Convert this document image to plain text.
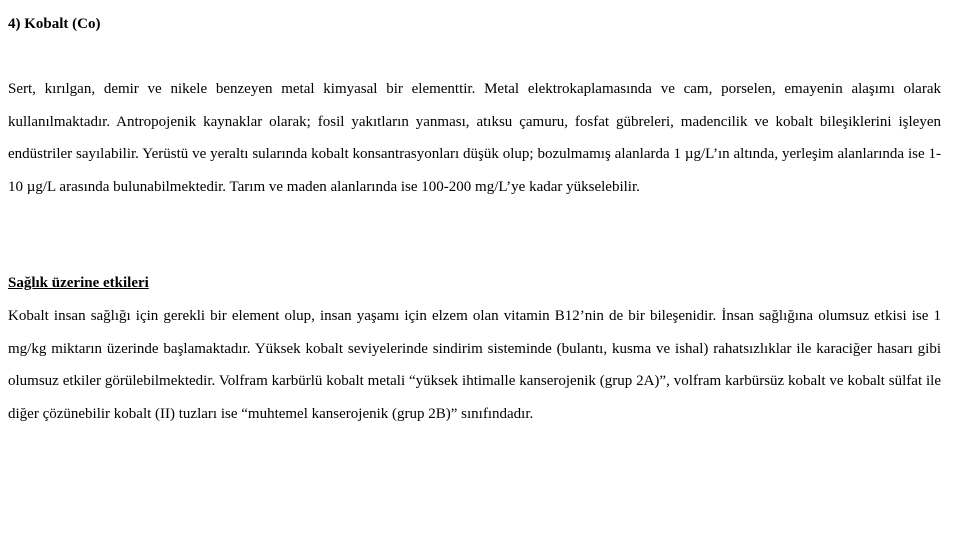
4) Kobalt (Co)

Sert, kırılgan, demir ve nikele benzeyen metal kimyasal bir elementtir. Metal elektrokaplamasında ve cam, porselen, emayenin alaşımı olarak kullanılmaktadır. Antropojenik kaynaklar olarak; fosil yakıtların yanması, atıksu çamuru, fosfat gübreleri, madencilik ve kobalt bileşiklerini işleyen endüstriler sayılabilir. Yerüstü ve yeraltı sularında kobalt konsantrasyonları düşük olup; bozulmamış alanlarda 1 µg/L’ın altında, yerleşim alanlarında ise 1-10 µg/L arasında bulunabilmektedir. Tarım ve maden alanlarında ise 100-200 mg/L’ye kadar yükselebilir.

Sağlık üzerine etkileri

Kobalt insan sağlığı için gerekli bir element olup, insan yaşamı için elzem olan vitamin B12’nin de bir bileşenidir. İnsan sağlığına olumsuz etkisi ise 1 mg/kg miktarın üzerinde başlamaktadır. Yüksek kobalt seviyelerinde sindirim sisteminde (bulantı, kusma ve ishal) rahatsızlıklar ile karaciğer hasarı gibi olumsuz etkiler görülebilmektedir. Volfram karbürlü kobalt metali “yüksek ihtimalle kanserojenik (grup 2A)”, volfram karbürsüz kobalt ve kobalt sülfat ile diğer çözünebilir kobalt (II) tuzları ise “muhtemel kanserojenik (grup 2B)” sınıfındadır.
